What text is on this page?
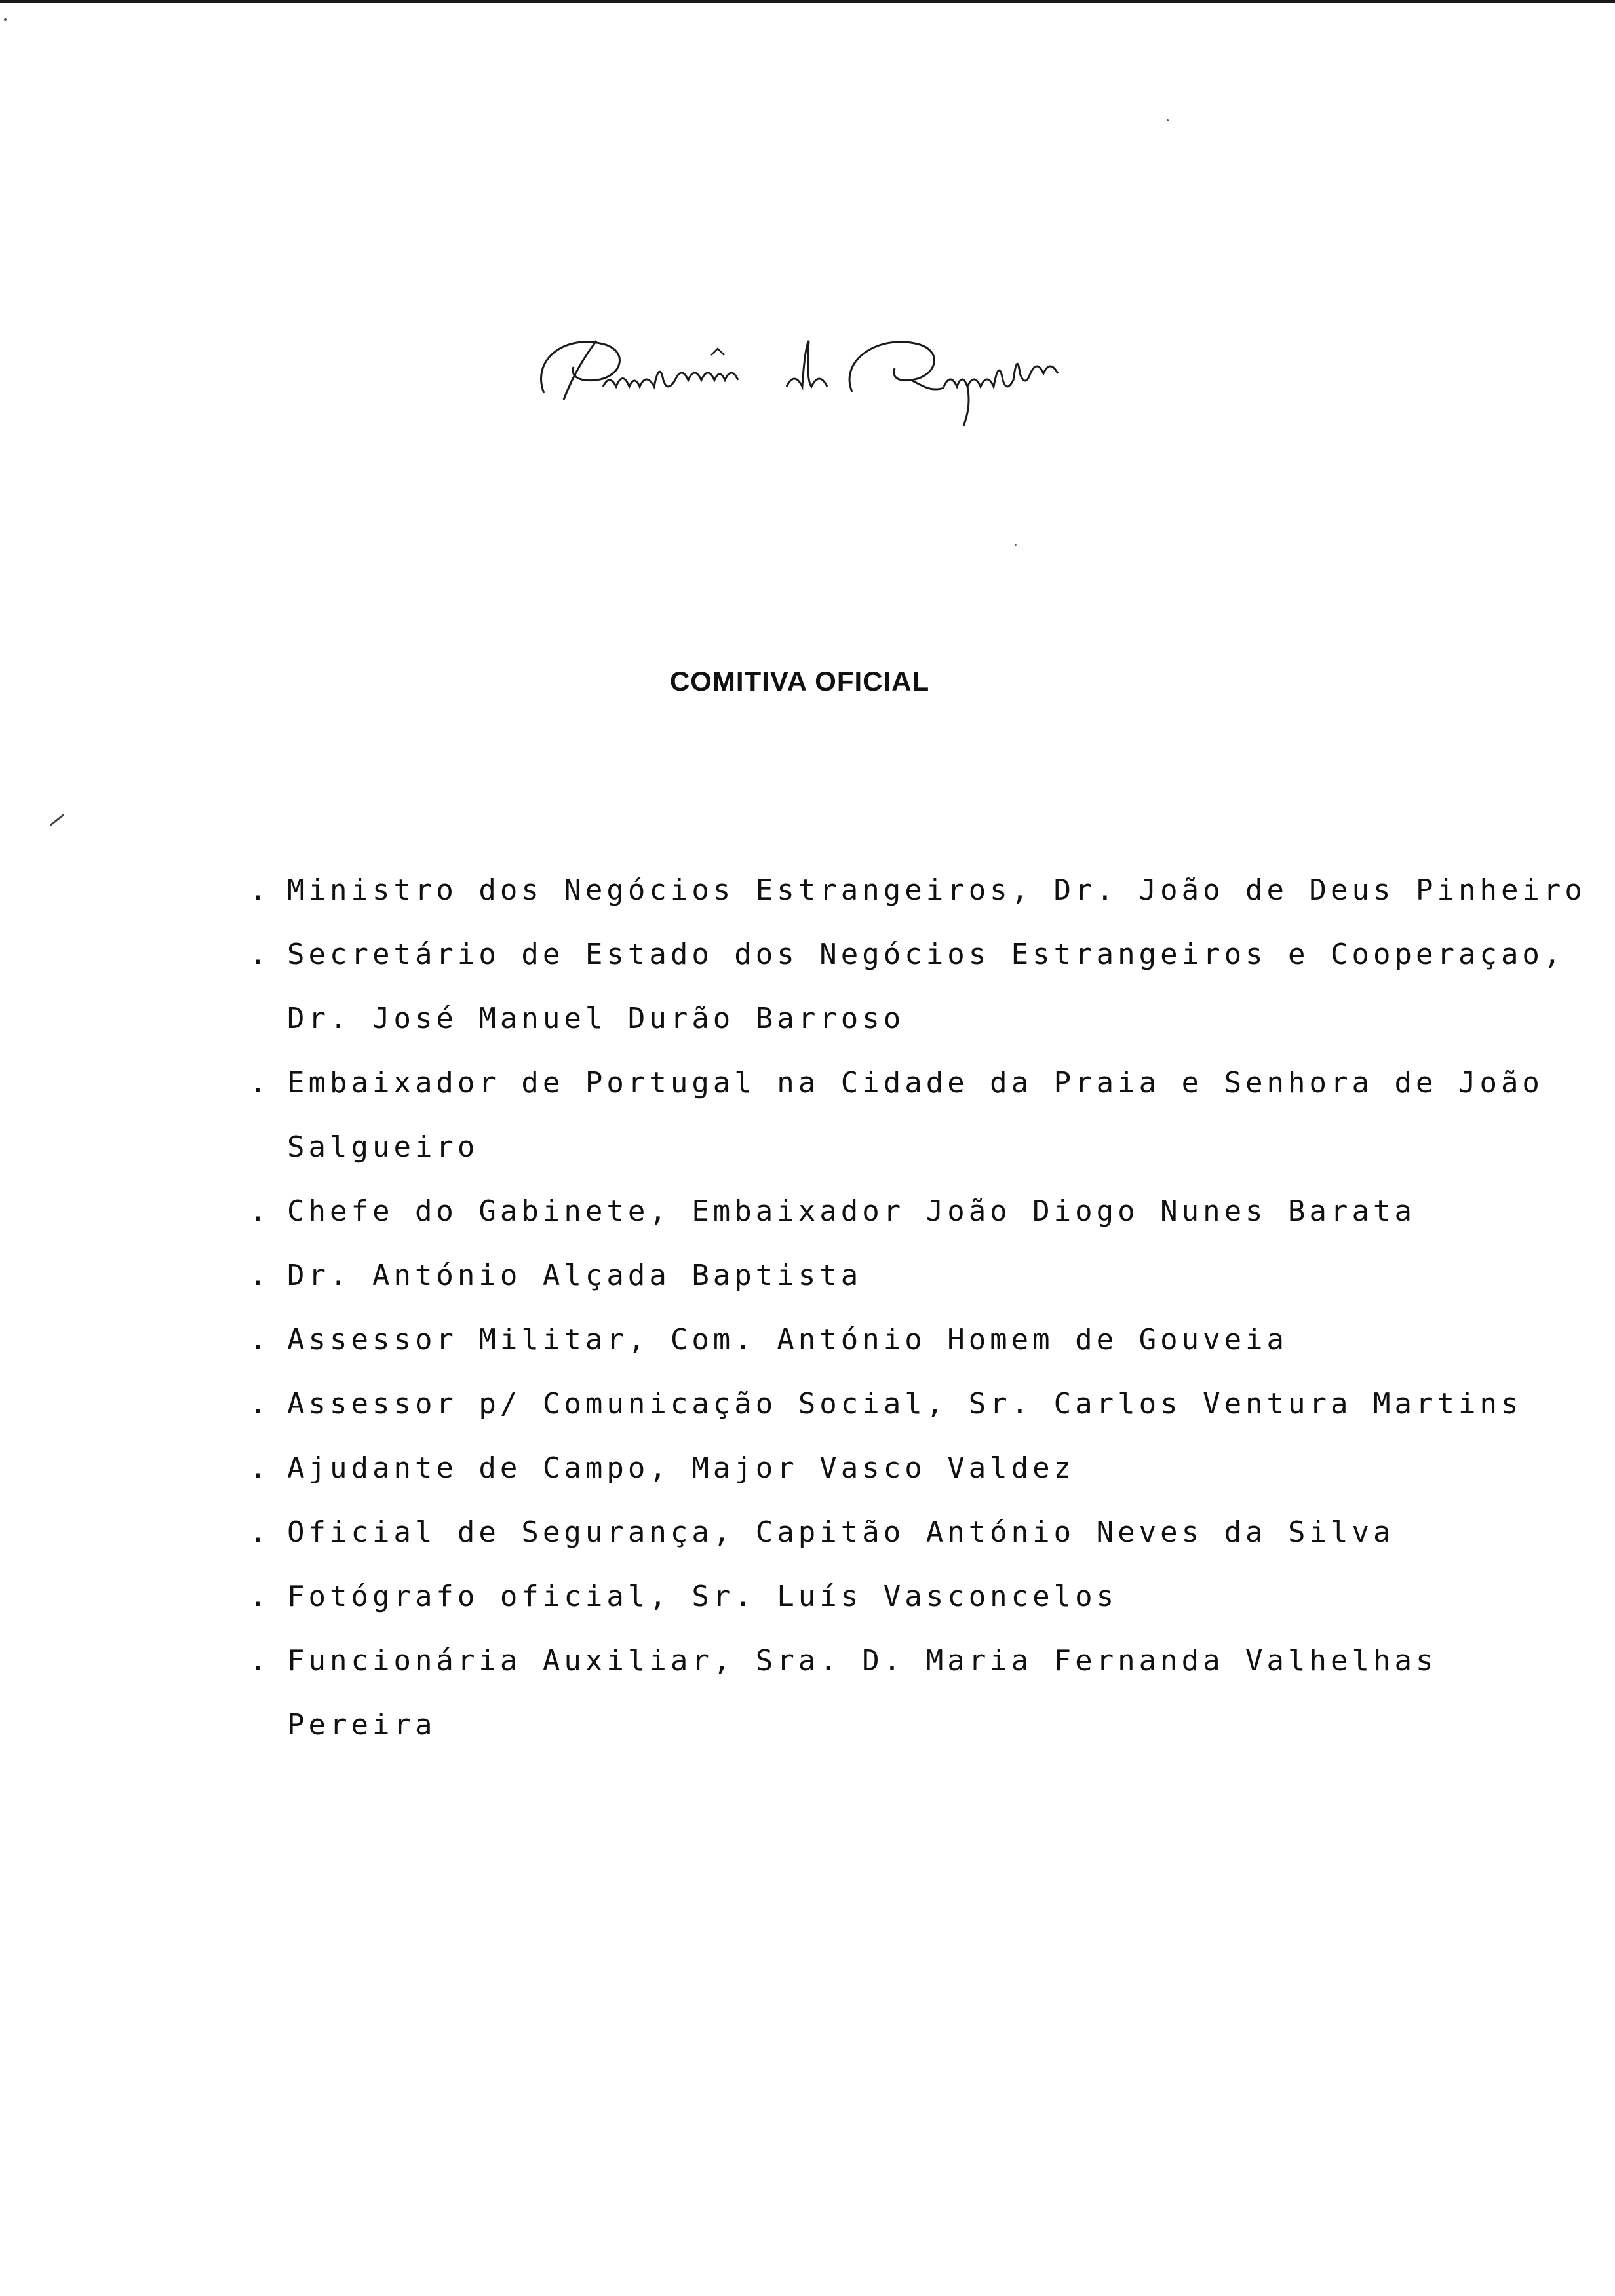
COMITIVA OFICIAL
. Ministro dos Negócios Estrangeiros, Dr. João de Deus Pinheiro
. Secretário de Estado dos Negócios Estrangeiros e Cooperaçao,
Dr. José Manuel Durão Barroso
. Embaixador de Portugal na Cidade da Praia e Senhora de João
Salgueiro
. Chefe do Gabinete, Embaixador João Diogo Nunes Barata
. Dr. António Alçada Baptista
. Assessor Militar, Com. António Homem de Gouveia
. Assessor p/ Comunicação Social, Sr. Carlos Ventura Martins
. Ajudante de Campo, Major Vasco Valdez
. Oficial de Segurança, Capitão António Neves da Silva
. Fotógrafo oficial, Sr. Luís Vasconcelos
. Funcionária Auxiliar, Sra. D. Maria Fernanda Valhelhas
Pereira
